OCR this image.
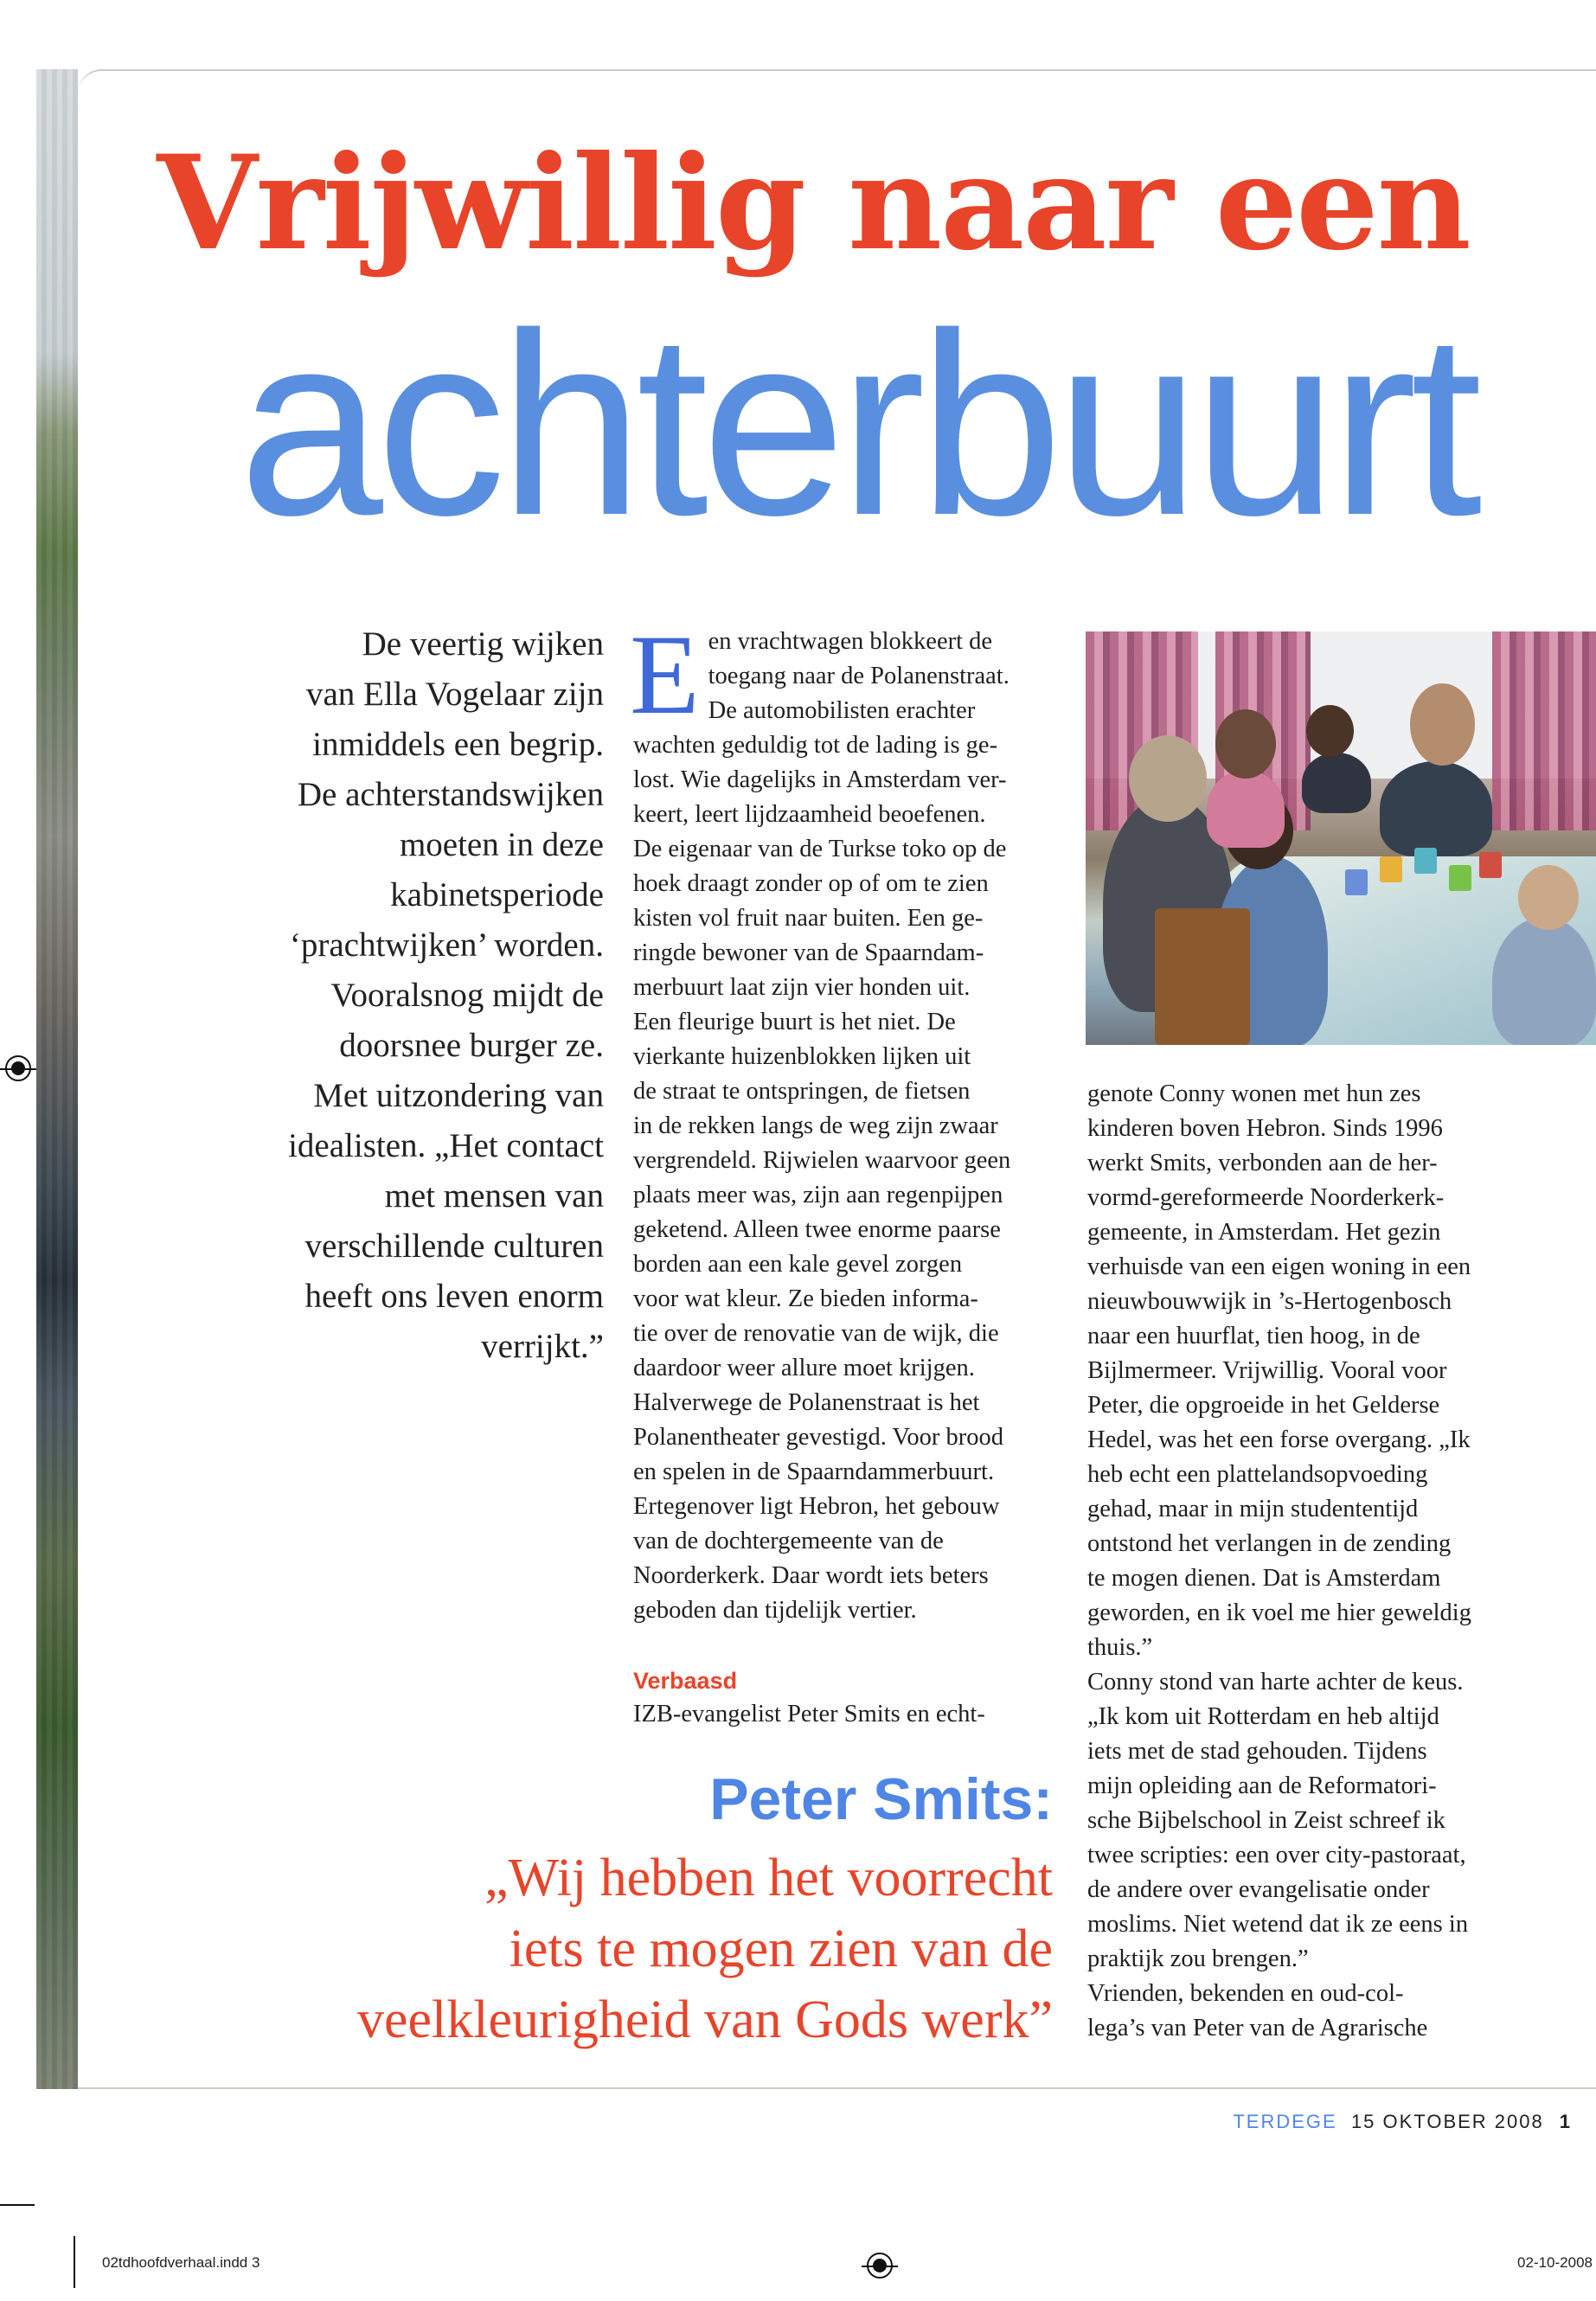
Vrijwillig naar een
achterbuurt
De veertig wijken
van Ella Vogelaar zijn
inmiddels een begrip.
De achterstandswijken
moeten in deze
kabinetsperiode
‘prachtwijken’ worden.
Vooralsnog mijdt de
doorsnee burger ze.
Met uitzondering van
idealisten. „Het contact
met mensen van
verschillende culturen
heeft ons leven enorm
verrijkt.”
E en vrachtwagen blokkeert de
toegang naar de Polanenstraat.
De automobilisten erachter
wachten geduldig tot de lading is ge-
lost. Wie dagelijks in Amsterdam ver-
keert, leert lijdzaamheid beoefenen.
De eigenaar van de Turkse toko op de
hoek draagt zonder op of om te zien
kisten vol fruit naar buiten. Een ge-
ringde bewoner van de Spaarndam-
merbuurt laat zijn vier honden uit.
Een fleurige buurt is het niet. De
vierkante huizenblokken lijken uit
de straat te ontspringen, de fietsen
in de rekken langs de weg zijn zwaar
vergrendeld. Rijwielen waarvoor geen
plaats meer was, zijn aan regenpijpen
geketend. Alleen twee enorme paarse
borden aan een kale gevel zorgen
voor wat kleur. Ze bieden informa-
tie over de renovatie van de wijk, die
daardoor weer allure moet krijgen.
Halverwege de Polanenstraat is het
Polanentheater gevestigd. Voor brood
en spelen in de Spaarndammerbuurt.
Ertegenover ligt Hebron, het gebouw
van de dochtergemeente van de
Noorderkerk. Daar wordt iets beters
geboden dan tijdelijk vertier.

Verbaasd

IZB-evangelist Peter Smits en echt-
genote Conny wonen met hun zes
kinderen boven Hebron. Sinds 1996
werkt Smits, verbonden aan de her-
vormd-gereformeerde Noorderkerk-
gemeente, in Amsterdam. Het gezin
verhuisde van een eigen woning in een
nieuwbouwwijk in ’s-Hertogenbosch
naar een huurflat, tien hoog, in de
Bijlmermeer. Vrijwillig. Vooral voor
Peter, die opgroeide in het Gelderse
Hedel, was het een forse overgang. „Ik
heb echt een plattelandsopvoeding
gehad, maar in mijn studententijd
ontstond het verlangen in de zending
te mogen dienen. Dat is Amsterdam
geworden, en ik voel me hier geweldig
thuis.”
Conny stond van harte achter de keus.
„Ik kom uit Rotterdam en heb altijd
iets met de stad gehouden. Tijdens
mijn opleiding aan de Reformatori-
sche Bijbelschool in Zeist schreef ik
twee scripties: een over city-pastoraat,
de andere over evangelisatie onder
moslims. Niet wetend dat ik ze eens in
praktijk zou brengen.”
Vrienden, bekenden en oud-col-
lega’s van Peter van de Agrarische
Peter Smits:
„Wij hebben het voorrecht
iets te mogen zien van de
veelkleurigheid van Gods werk”
TERDEGE 15 OKTOBER 2008 1
02tdhoofdverhaal.indd 3	02-10-2008
